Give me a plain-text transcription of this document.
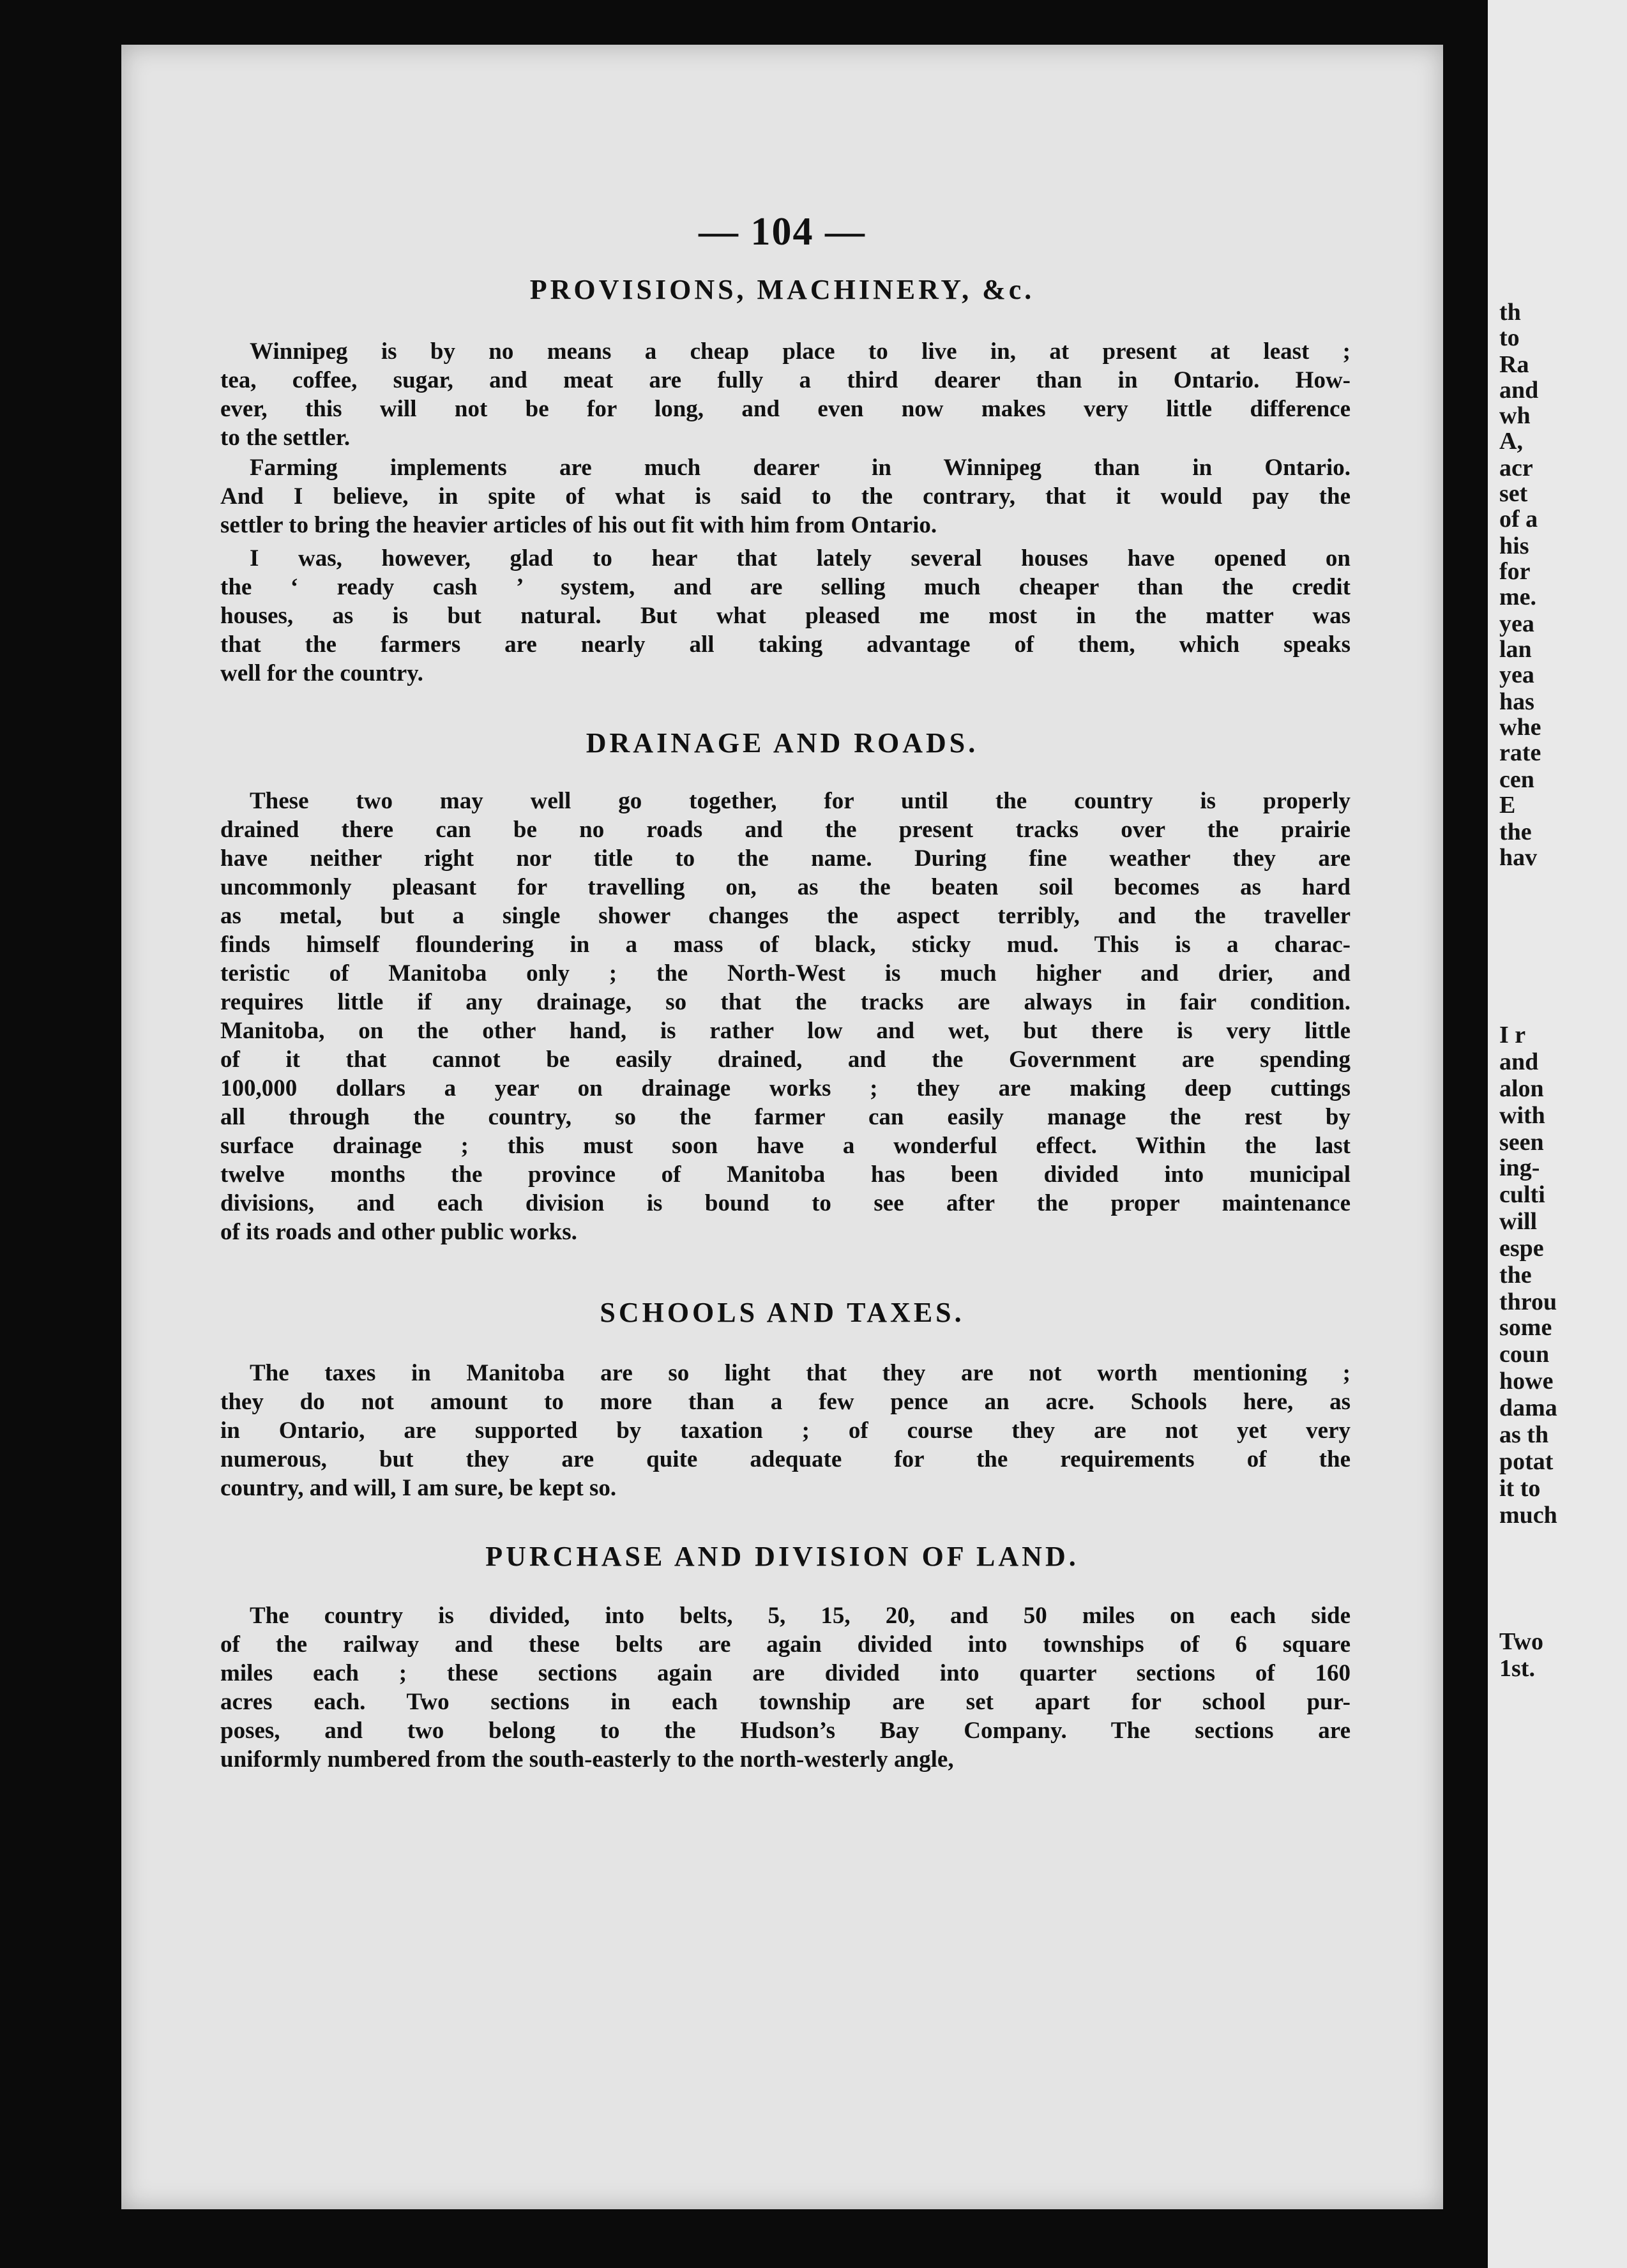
— 104 —
PROVISIONS, MACHINERY, &c.
Winnipeg is by no means a cheap place to live in, at present at least ;
tea, coffee, sugar, and meat are fully a third dearer than in Ontario. How-
ever, this will not be for long, and even now makes very little difference
to the settler.
Farming implements are much dearer in Winnipeg than in Ontario.
And I believe, in spite of what is said to the contrary, that it would pay the
settler to bring the heavier articles of his out fit with him from Ontario.
I was, however, glad to hear that lately several houses have opened on
the ‘ ready cash ’ system, and are selling much cheaper than the credit
houses, as is but natural. But what pleased me most in the matter was
that the farmers are nearly all taking advantage of them, which speaks
well for the country.
DRAINAGE AND ROADS.
These two may well go together, for until the country is properly
drained there can be no roads and the present tracks over the prairie
have neither right nor title to the name. During fine weather they are
uncommonly pleasant for travelling on, as the beaten soil becomes as hard
as metal, but a single shower changes the aspect terribly, and the traveller
finds himself floundering in a mass of black, sticky mud. This is a charac-
teristic of Manitoba only ; the North-West is much higher and drier, and
requires little if any drainage, so that the tracks are always in fair condition.
Manitoba, on the other hand, is rather low and wet, but there is very little
of it that cannot be easily drained, and the Government are spending
100,000 dollars a year on drainage works ; they are making deep cuttings
all through the country, so the farmer can easily manage the rest by
surface drainage ; this must soon have a wonderful effect. Within the last
twelve months the province of Manitoba has been divided into municipal
divisions, and each division is bound to see after the proper maintenance
of its roads and other public works.
SCHOOLS AND TAXES.
The taxes in Manitoba are so light that they are not worth mentioning ;
they do not amount to more than a few pence an acre. Schools here, as
in Ontario, are supported by taxation ; of course they are not yet very
numerous, but they are quite adequate for the requirements of the
country, and will, I am sure, be kept so.
PURCHASE AND DIVISION OF LAND.
The country is divided, into belts, 5, 15, 20, and 50 miles on each side
of the railway and these belts are again divided into townships of 6 square
miles each ; these sections again are divided into quarter sections of 160
acres each. Two sections in each township are set apart for school pur-
poses, and two belong to the Hudson’s Bay Company. The sections are
uniformly numbered from the south-easterly to the north-westerly angle,
th
to
Ra
and
wh
A,
acr
set
of a
his
for
me.
yea
lan
yea
has
whe
rate
cen
E
the
hav
I r
and
alon
with
seen
ing-
culti
will
espe
the
throu
some
coun
howe
dama
as th
potat
it to
much
Two
1st.
